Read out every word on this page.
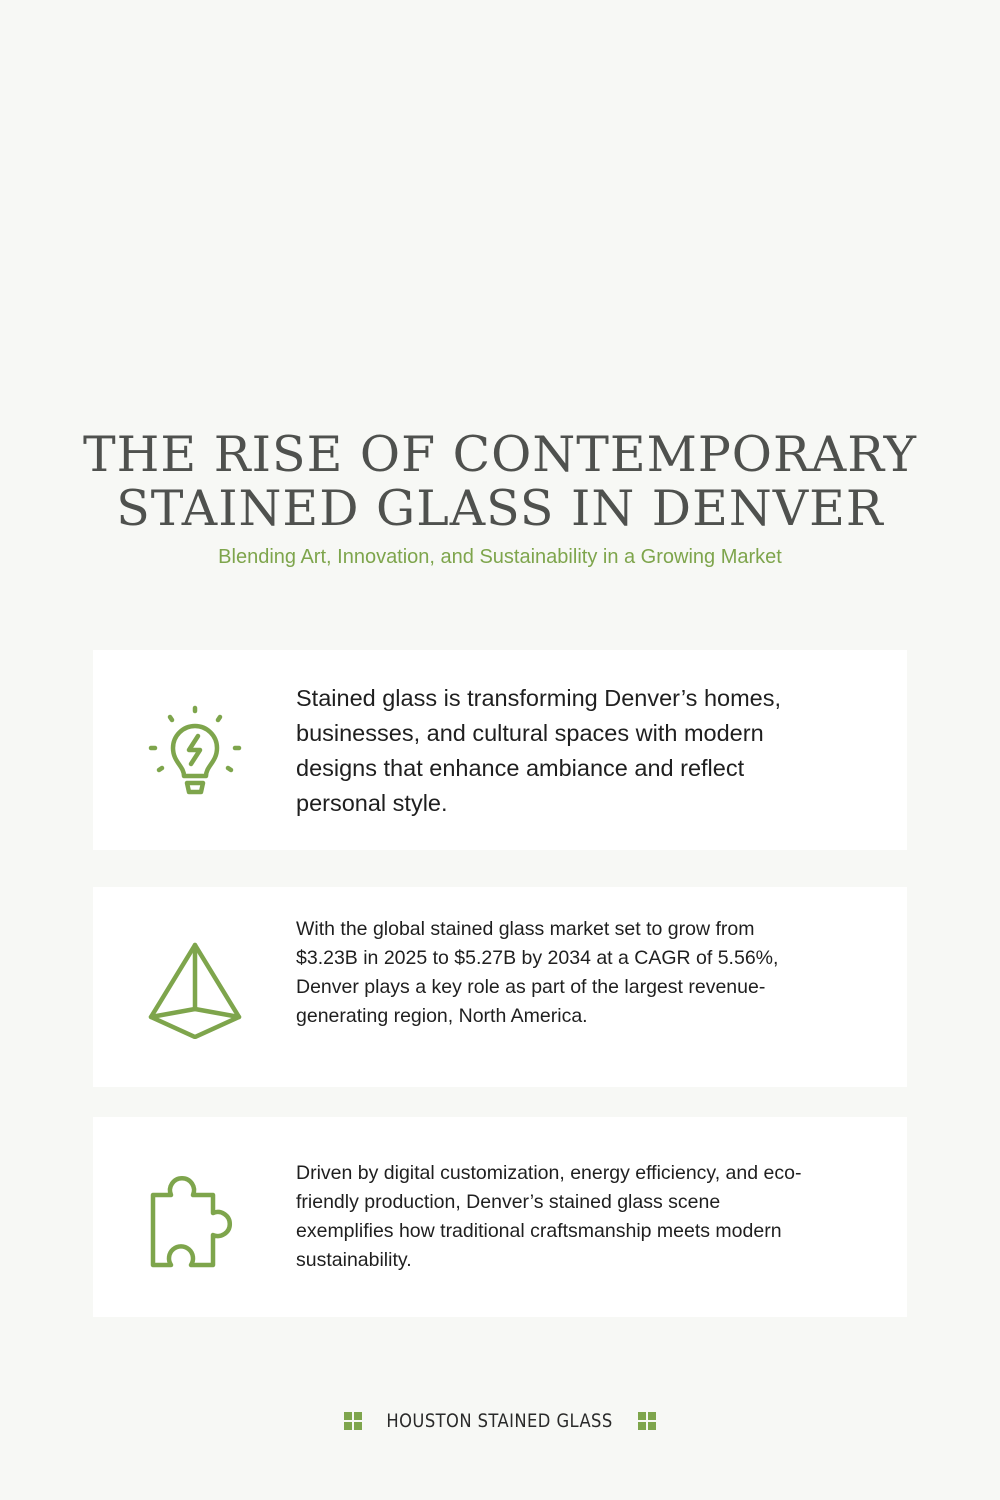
THE RISE OF CONTEMPORARY
STAINED GLASS IN DENVER

Blending Art, Innovation, and Sustainability in a Growing Market

Stained glass is transforming Denver’s homes, businesses, and cultural spaces with modern designs that enhance ambiance and reflect personal style.

With the global stained glass market set to grow from $3.23B in 2025 to $5.27B by 2034 at a CAGR of 5.56%, Denver plays a key role as part of the largest revenue-generating region, North America.

Driven by digital customization, energy efficiency, and eco-friendly production, Denver’s stained glass scene exemplifies how traditional craftsmanship meets modern sustainability.

HOUSTON STAINED GLASS
